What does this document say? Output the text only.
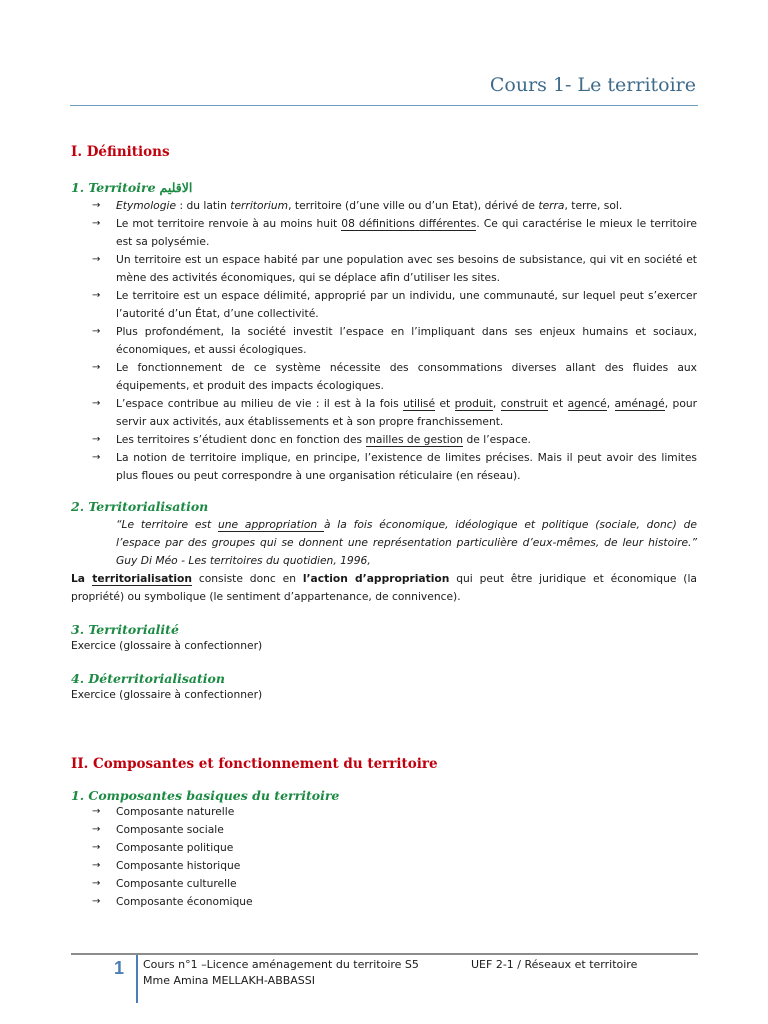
Cours 1- Le territoire
I. Définitions
1. Territoire الاقليم
→ Etymologie : du latin territorium, territoire (d’une ville ou d’un Etat), dérivé de terra, terre, sol.
→ Le mot territoire renvoie à au moins huit 08 définitions différentes. Ce qui caractérise le mieux le territoire est sa polysémie.
→ Un territoire est un espace habité par une population avec ses besoins de subsistance, qui vit en société et mène des activités économiques, qui se déplace afin d’utiliser les sites.
→ Le territoire est un espace délimité, approprié par un individu, une communauté, sur lequel peut s’exercer l’autorité d’un État, d’une collectivité.
→ Plus profondément, la société investit l’espace en l’impliquant dans ses enjeux humains et sociaux, économiques, et aussi écologiques.
→ Le fonctionnement de ce système nécessite des consommations diverses allant des fluides aux équipements, et produit des impacts écologiques.
→ L’espace contribue au milieu de vie : il est à la fois utilisé et produit, construit et agencé, aménagé, pour servir aux activités, aux établissements et à son propre franchissement.
→ Les territoires s’étudient donc en fonction des mailles de gestion de l’espace.
→ La notion de territoire implique, en principe, l’existence de limites précises. Mais il peut avoir des limites plus floues ou peut correspondre à une organisation réticulaire (en réseau).
2. Territorialisation

“Le territoire est une appropriation à la fois économique, idéologique et politique (sociale, donc) de l’espace par des groupes qui se donnent une représentation particulière d’eux-mêmes, de leur histoire.” Guy Di Méo - Les territoires du quotidien, 1996,

La territorialisation consiste donc en l’action d’appropriation qui peut être juridique et économique (la propriété) ou symbolique (le sentiment d’appartenance, de connivence).

3. Territorialité

Exercice (glossaire à confectionner)

4. Déterritorialisation

Exercice (glossaire à confectionner)

II. Composantes et fonctionnement du territoire
1. Composantes basiques du territoire
→ Composante naturelle
→ Composante sociale
→ Composante politique
→ Composante historique
→ Composante culturelle
→ Composante économique
1	Cours n°1 –Licence aménagement du territoire S5
Mme Amina MELLAKH-ABBASSI
UEF 2-1 / Réseaux et territoire
